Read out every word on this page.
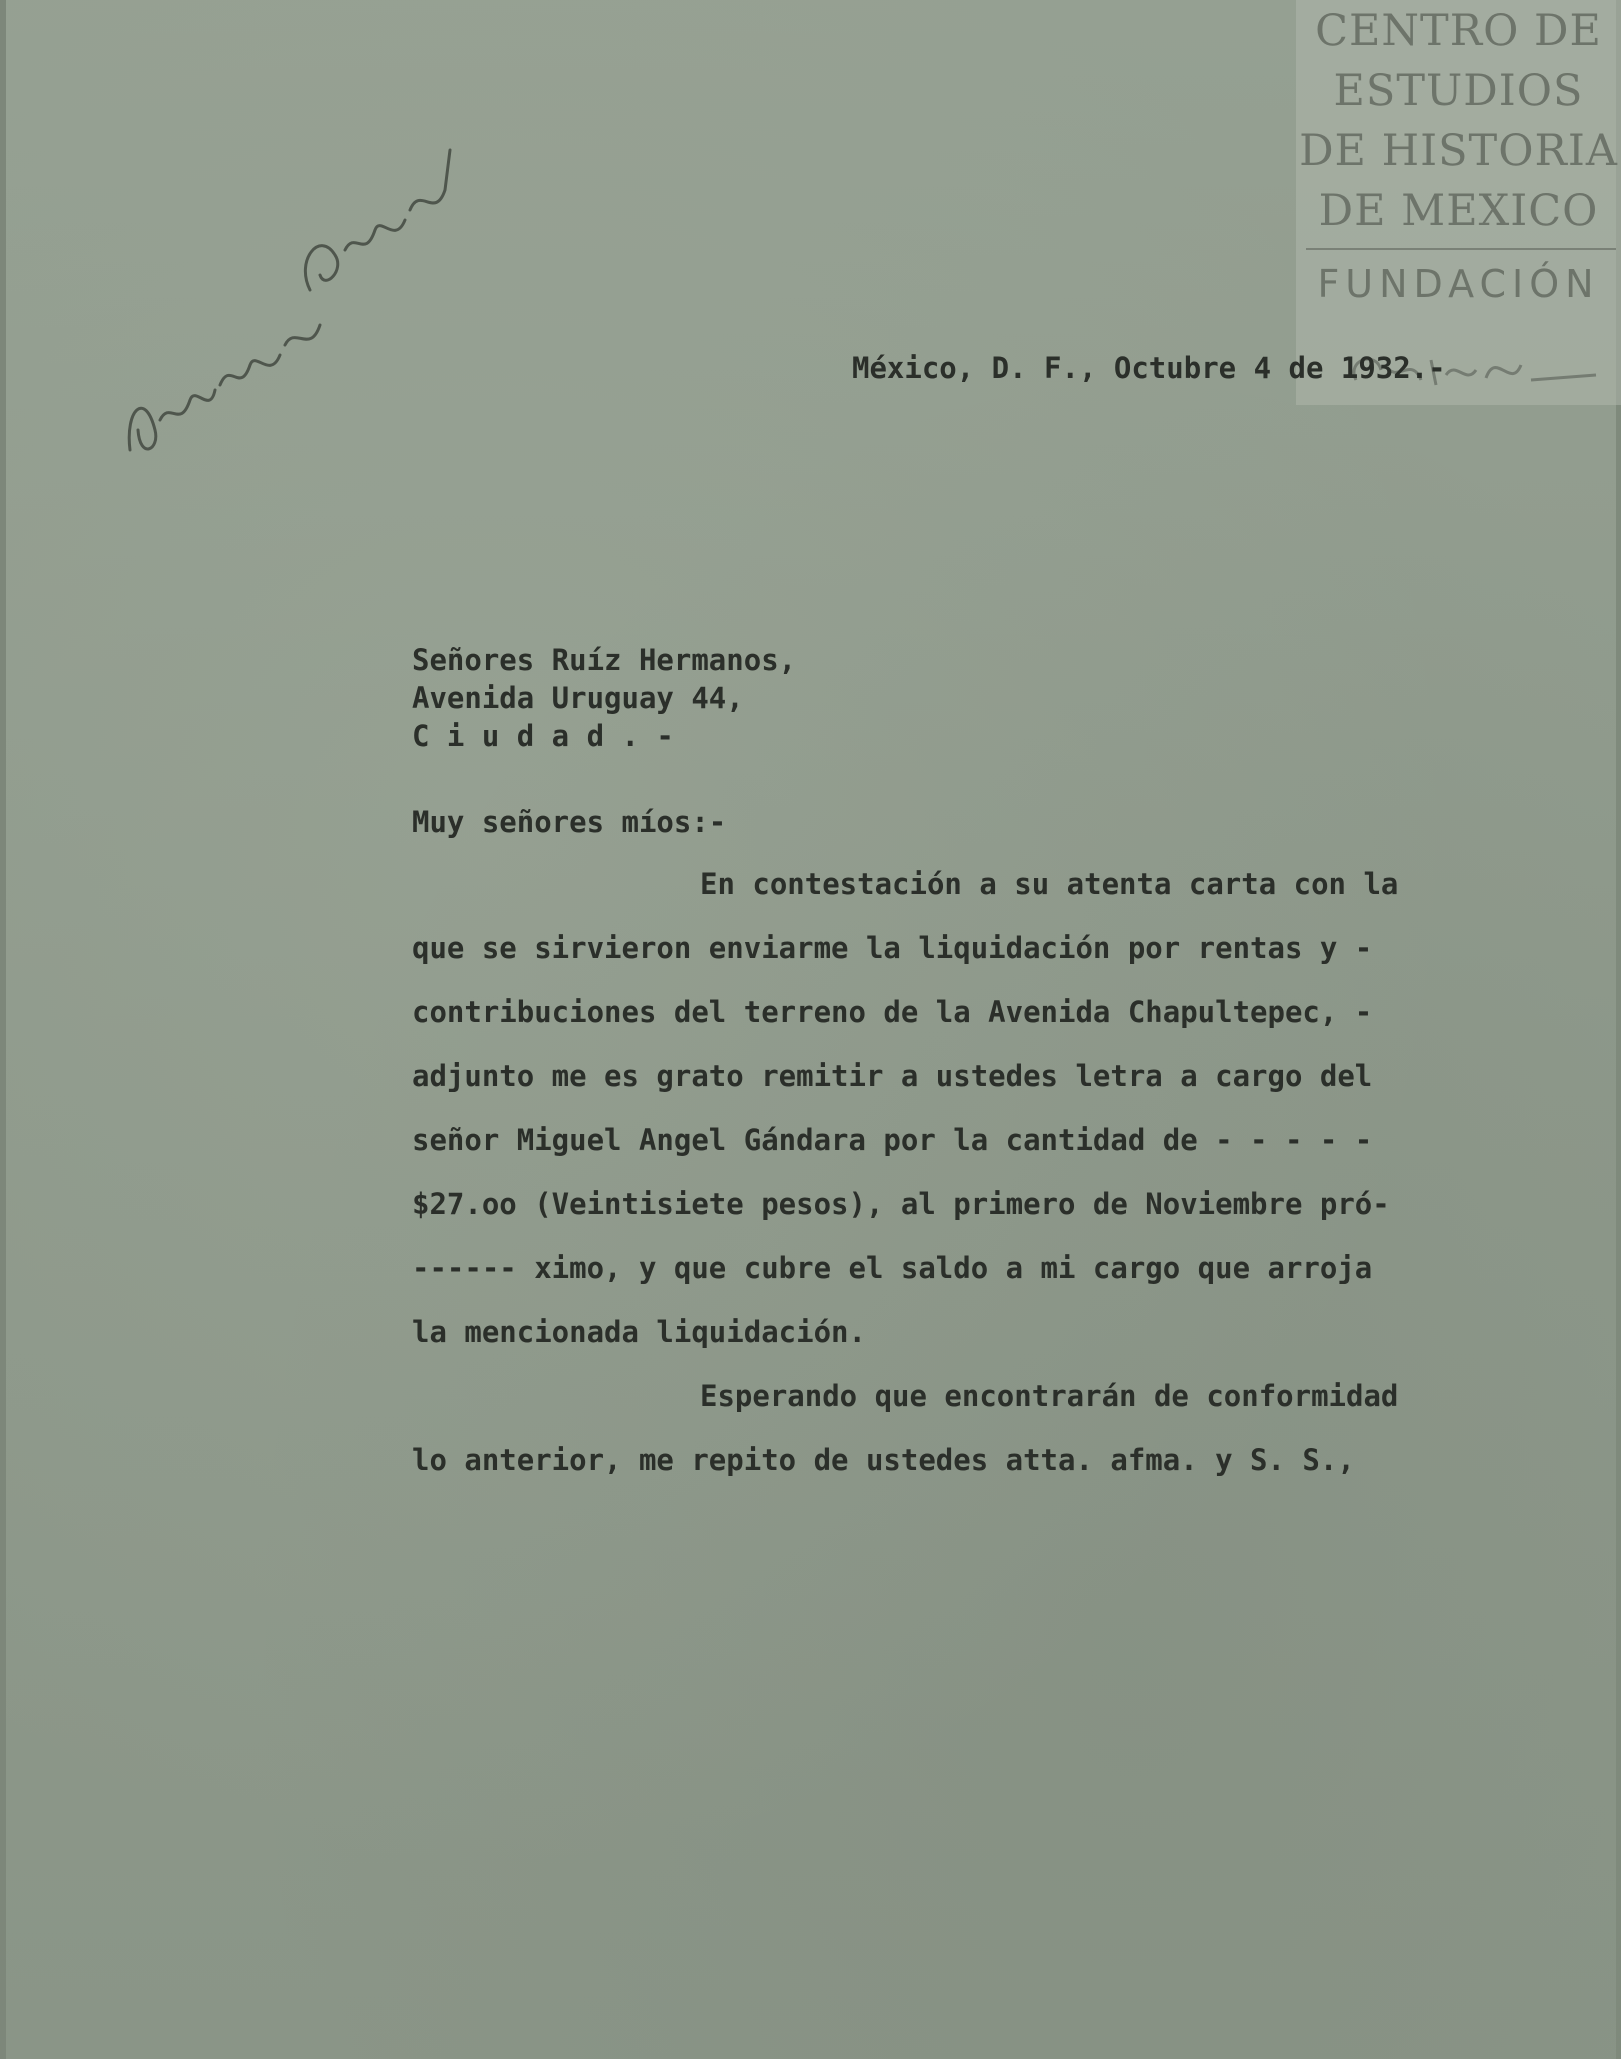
CENTRO DE
ESTUDIOS
DE HISTORIA
DE MEXICO
FUNDACIÓN
México, D. F., Octubre 4 de 1932.-
Señores Ruíz Hermanos,
Avenida Uruguay 44,
C i u d a d . -
Muy señores míos:-
En contestación a su atenta carta con la
que se sirvieron enviarme la liquidación por rentas y -
contribuciones del terreno de la Avenida Chapultepec, -
adjunto me es grato remitir a ustedes letra a cargo del
señor Miguel Angel Gándara por la cantidad de - - - - -
$27.oo (Veintisiete pesos), al primero de Noviembre pró-
------ ximo, y que cubre el saldo a mi cargo que arroja
la mencionada liquidación.
Esperando que encontrarán de conformidad
lo anterior, me repito de ustedes atta. afma. y S. S.,
